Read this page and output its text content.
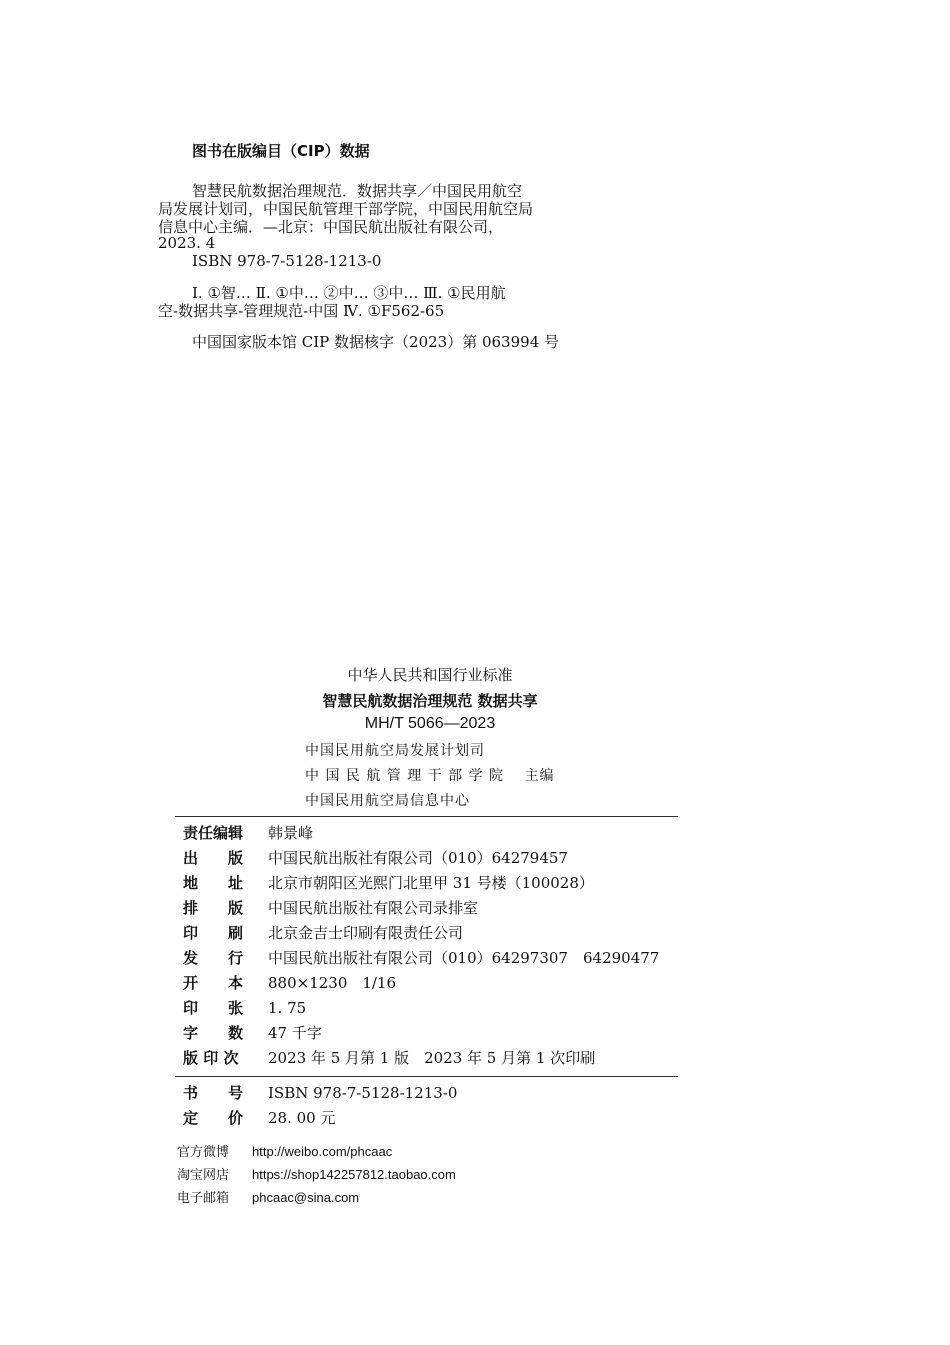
图书在版编目（CIP）数据
智慧民航数据治理规范．数据共享／中国民用航空
局发展计划司，中国民航管理干部学院，中国民用航空局
信息中心主编．—北京：中国民航出版社有限公司，
2023. 4
ISBN 978-7-5128-1213-0
Ⅰ. ①智… Ⅱ. ①中… ②中… ③中… Ⅲ. ①民用航
空-数据共享-管理规范-中国 Ⅳ. ①F562-65
中国国家版本馆 CIP 数据核字（2023）第 063994 号
中华人民共和国行业标准
智慧民航数据治理规范 数据共享
MH/T 5066—2023
中国民用航空局发展计划司
中 国 民 航 管 理 干 部 学 院　 主编
中国民用航空局信息中心
责任编辑 韩景峰
出　　版 中国民航出版社有限公司（010）64279457
地　　址 北京市朝阳区光熙门北里甲 31 号楼（100028）
排　　版 中国民航出版社有限公司录排室
印　　刷 北京金吉士印刷有限责任公司
发　　行 中国民航出版社有限公司（010）64297307　64290477
开　　本 880×1230　1/16
印　　张 1. 75
字　　数 47 千字
版 印 次 2023 年 5 月第 1 版　2023 年 5 月第 1 次印刷
书　　号 ISBN 978-7-5128-1213-0
定　　价 28. 00 元
官方微博 http://weibo.com/phcaac
淘宝网店 https://shop142257812.taobao.com
电子邮箱 phcaac@sina.com
